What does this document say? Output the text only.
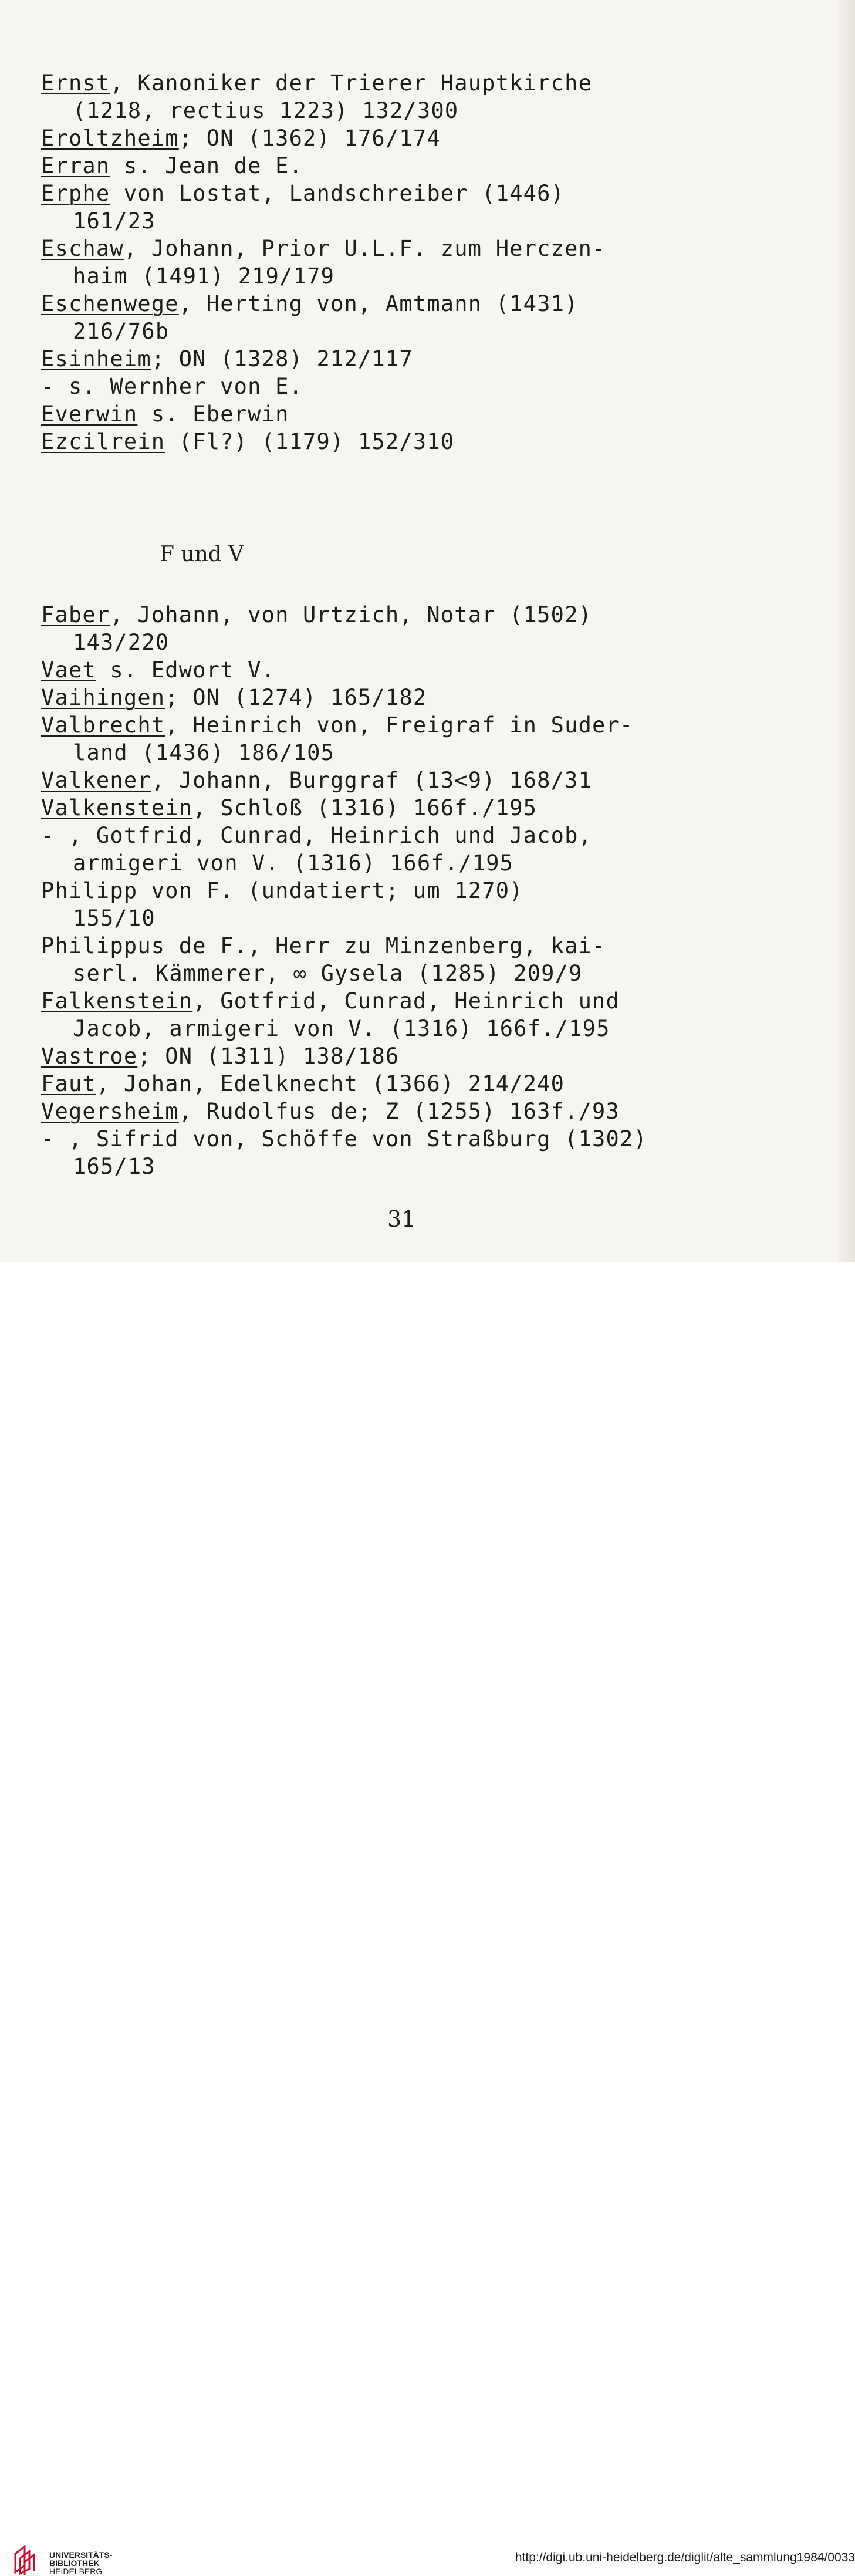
Ernst, Kanoniker der Trierer Hauptkirche
(1218, rectius 1223) 132/300
Eroltzheim; ON (1362) 176/174
Erran s. Jean de E.
Erphe von Lostat, Landschreiber (1446)
161/23
Eschaw, Johann, Prior U.L.F. zum Herczen-
haim (1491) 219/179
Eschenwege, Herting von, Amtmann (1431)
216/76b
Esinheim; ON (1328) 212/117
- s. Wernher von E.
Everwin s. Eberwin
Ezcilrein (Fl?) (1179) 152/310
F und V
Faber, Johann, von Urtzich, Notar (1502)
143/220
Vaet s. Edwort V.
Vaihingen; ON (1274) 165/182
Valbrecht, Heinrich von, Freigraf in Suder-
land (1436) 186/105
Valkener, Johann, Burggraf (13<9) 168/31
Valkenstein, Schloß (1316) 166f./195
- , Gotfrid, Cunrad, Heinrich und Jacob,
armigeri von V. (1316) 166f./195
Philipp von F. (undatiert; um 1270)
155/10
Philippus de F., Herr zu Minzenberg, kai-
serl. Kämmerer, ∞ Gysela (1285) 209/9
Falkenstein, Gotfrid, Cunrad, Heinrich und
Jacob, armigeri von V. (1316) 166f./195
Vastroe; ON (1311) 138/186
Faut, Johan, Edelknecht (1366) 214/240
Vegersheim, Rudolfus de; Z (1255) 163f./93
- , Sifrid von, Schöffe von Straßburg (1302)
165/13
31
UNIVERSITÄTS-
BIBLIOTHEK
HEIDELBERG
http://digi.ub.uni-heidelberg.de/diglit/alte_sammlung1984/0033
